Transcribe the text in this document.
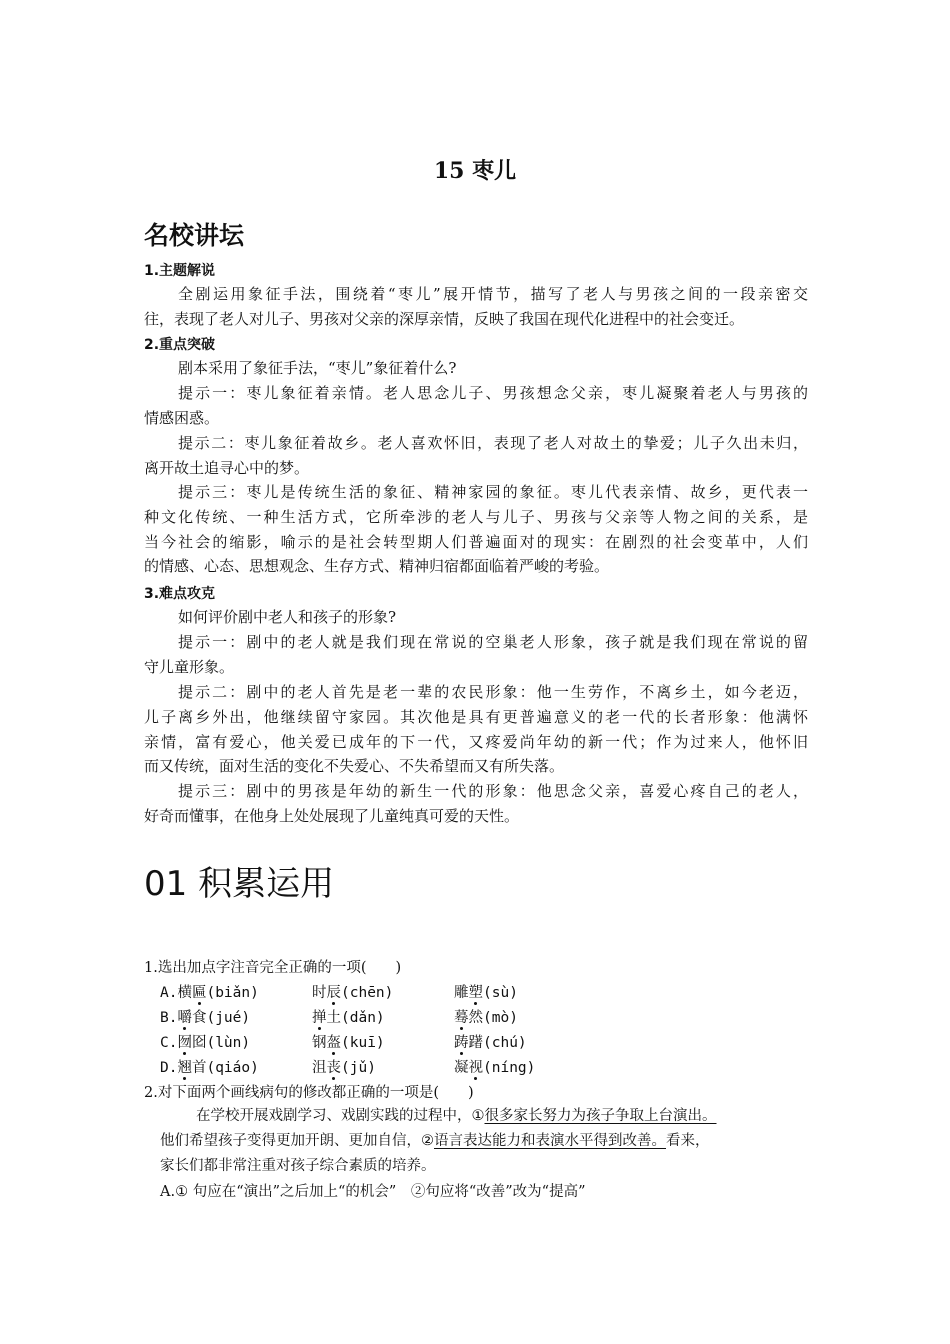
15 枣儿
名校讲坛
1.主题解说
全剧运用象征手法，围绕着“枣儿”展开情节，描写了老人与男孩之间的一段亲密交
往，表现了老人对儿子、男孩对父亲的深厚亲情，反映了我国在现代化进程中的社会变迁。
2.重点突破
剧本采用了象征手法，“枣儿”象征着什么?
提示一：枣儿象征着亲情。老人思念儿子、男孩想念父亲，枣儿凝聚着老人与男孩的
情感困惑。
提示二：枣儿象征着故乡。老人喜欢怀旧，表现了老人对故土的挚爱；儿子久出未归，
离开故土追寻心中的梦。
提示三：枣儿是传统生活的象征、精神家园的象征。枣儿代表亲情、故乡，更代表一
种文化传统、一种生活方式，它所牵涉的老人与儿子、男孩与父亲等人物之间的关系，是
当今社会的缩影，喻示的是社会转型期人们普遍面对的现实：在剧烈的社会变革中，人们
的情感、心态、思想观念、生存方式、精神归宿都面临着严峻的考验。
3.难点攻克
如何评价剧中老人和孩子的形象?
提示一：剧中的老人就是我们现在常说的空巢老人形象，孩子就是我们现在常说的留
守儿童形象。
提示二：剧中的老人首先是老一辈的农民形象：他一生劳作，不离乡土，如今老迈，
儿子离乡外出，他继续留守家园。其次他是具有更普遍意义的老一代的长者形象：他满怀
亲情，富有爱心，他关爱已成年的下一代，又疼爱尚年幼的新一代；作为过来人，他怀旧
而又传统，面对生活的变化不失爱心、不失希望而又有所失落。
提示三：剧中的男孩是年幼的新生一代的形象：他思念父亲，喜爱心疼自己的老人，
好奇而懂事，在他身上处处展现了儿童纯真可爱的天性。
01 积累运用
1.选出加点字注音完全正确的一项(　　)
A.横匾(biǎn)	时辰(chēn)	雕塑(sù)
B.嚼食(jué)	掸土(dǎn)	蓦然(mò)
C.囫囵(lùn)	钢盔(kuī)	踌躇(chú)
D.翘首(qiáo)	沮丧(jǔ)	凝视(níng)
2.对下面两个画线病句的修改都正确的一项是(　　)
在学校开展戏剧学习、戏剧实践的过程中，①很多家长努力为孩子争取上台演出。
他们希望孩子变得更加开朗、更加自信，②语言表达能力和表演水平得到改善。看来，
家长们都非常注重对孩子综合素质的培养。
A.① 句应在“演出”之后加上“的机会”　②句应将“改善”改为“提高”
